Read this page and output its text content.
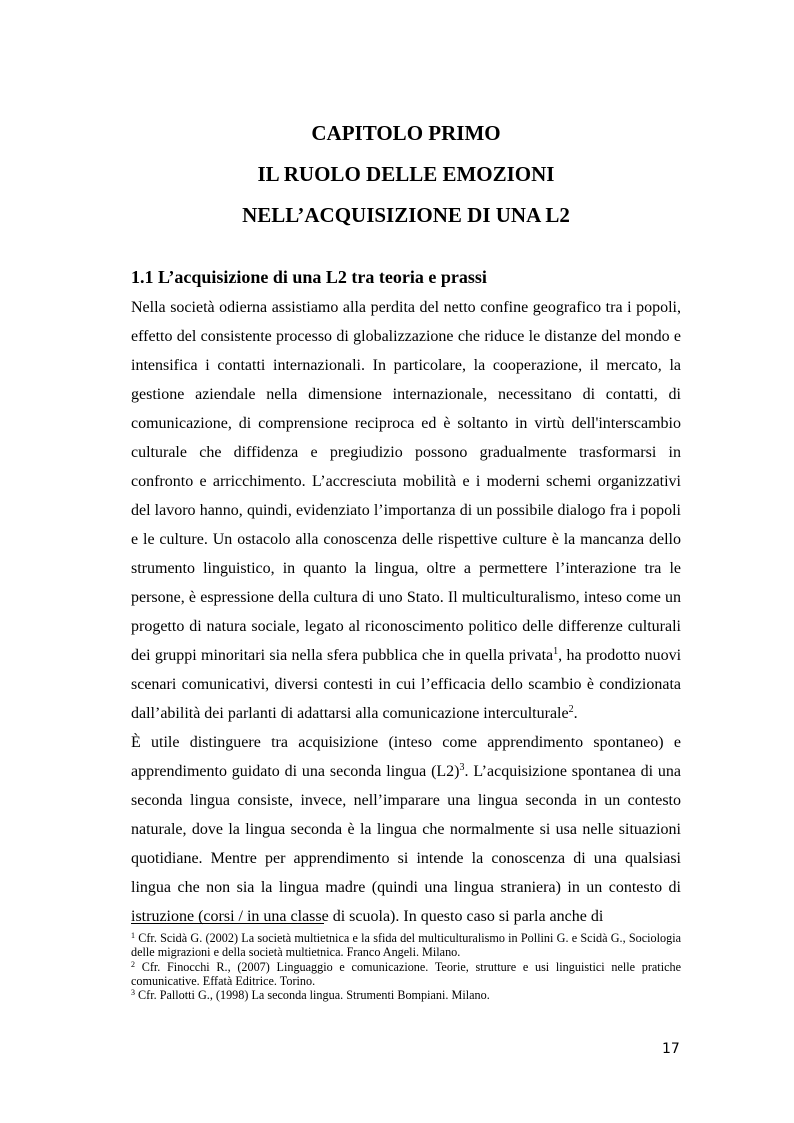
CAPITOLO PRIMO
IL RUOLO DELLE EMOZIONI
NELL’ACQUISIZIONE DI UNA L2
1.1 L’acquisizione di una L2 tra teoria e prassi

Nella società odierna assistiamo alla perdita del netto confine geografico tra i popoli, effetto del consistente processo di globalizzazione che riduce le distanze del mondo e intensifica i contatti internazionali. In particolare, la cooperazione, il mercato, la gestione aziendale nella dimensione internazionale, necessitano di contatti, di comunicazione, di comprensione reciproca ed è soltanto in virtù dell'interscambio culturale che diffidenza e pregiudizio possono gradualmente trasformarsi in confronto e arricchimento. L’accresciuta mobilità e i moderni schemi organizzativi del lavoro hanno, quindi, evidenziato l’importanza di un possibile dialogo fra i popoli e le culture. Un ostacolo alla conoscenza delle rispettive culture è la mancanza dello strumento linguistico, in quanto la lingua, oltre a permettere l’interazione tra le persone, è espressione della cultura di uno Stato. Il multiculturalismo, inteso come un progetto di natura sociale, legato al riconoscimento politico delle differenze culturali dei gruppi minoritari sia nella sfera pubblica che in quella privata$^1$, ha prodotto nuovi scenari comunicativi, diversi contesti in cui l’efficacia dello scambio è condizionata dall’abilità dei parlanti di adattarsi alla comunicazione interculturale$^2$.

È utile distinguere tra acquisizione (inteso come apprendimento spontaneo) e apprendimento guidato di una seconda lingua $(L2)^3$. L’acquisizione spontanea di una seconda lingua consiste, invece, nell’imparare una lingua seconda in un contesto naturale, dove la lingua seconda è la lingua che normalmente si usa nelle situazioni quotidiane. Mentre per apprendimento si intende la conoscenza di una qualsiasi lingua che non sia la lingua madre (quindi una lingua straniera) in un contesto di istruzione (corsi / in una classe di scuola). In questo caso si parla anche di

$^1$ Cfr. Scidà G. (2002) La società multietnica e la sfida del multiculturalismo in Pollini G. e Scidà G., Sociologia delle migrazioni e della società multietnica. Franco Angeli. Milano.

$^2$ Cfr. Finocchi R., (2007) Linguaggio e comunicazione. Teorie, strutture e usi linguistici nelle pratiche comunicative. Effatà Editrice. Torino.

$^3$ Cfr. Pallotti G., (1998) La seconda lingua. Strumenti Bompiani. Milano.

17
